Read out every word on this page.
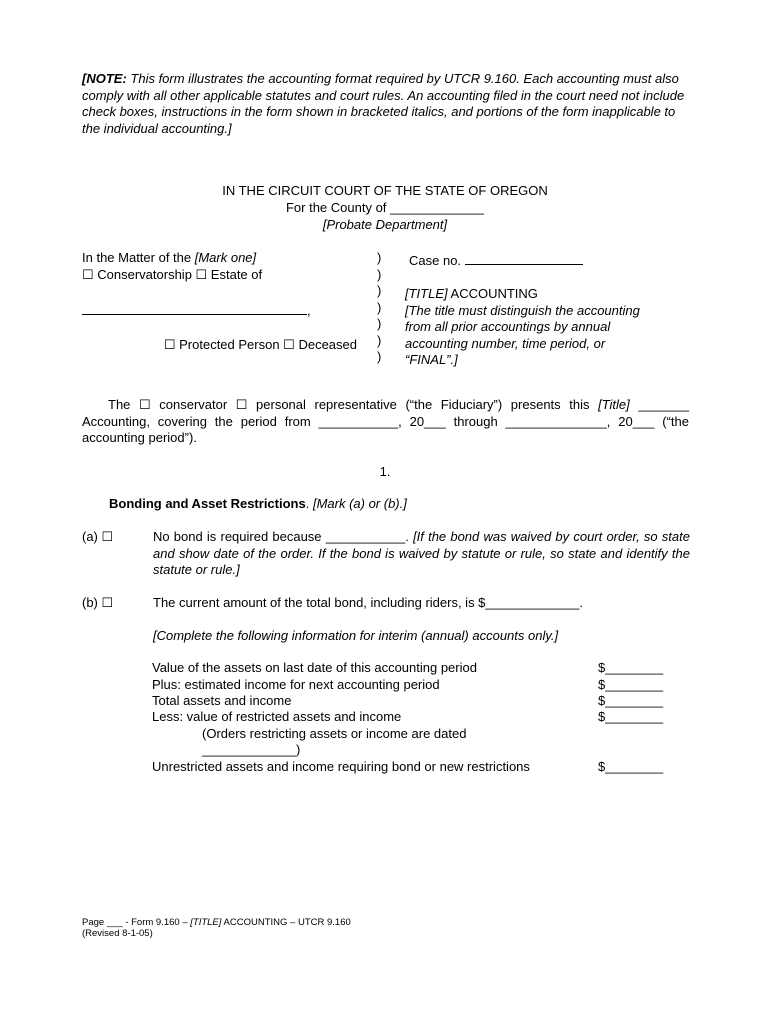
[NOTE: This form illustrates the accounting format required by UTCR 9.160. Each accounting must also comply with all other applicable statutes and court rules. An accounting filed in the court need not include check boxes, instructions in the form shown in bracketed italics, and portions of the form inapplicable to the individual accounting.]
IN THE CIRCUIT COURT OF THE STATE OF OREGON
For the County of _____________
[Probate Department]
In the Matter of the [Mark one]
☐ Conservatorship ☐ Estate of
,
☐ Protected Person ☐ Deceased
)
)
)
)
)
)
)
Case no.
[TITLE] ACCOUNTING
[The title must distinguish the accounting
from all prior accountings by annual
accounting number, time period, or
“FINAL”.]
The ☐ conservator ☐ personal representative (“the Fiduciary”) presents this [Title] _______ Accounting, covering the period from ___________, 20___ through ______________, 20___ (“the accounting period”).
1.
Bonding and Asset Restrictions. [Mark (a) or (b).]
(a) ☐	No bond is required because ___________. [If the bond was waived by court order, so state and show date of the order. If the bond is waived by statute or rule, so state and identify the statute or rule.]
(b) ☐	The current amount of the total bond, including riders, is $_____________.
[Complete the following information for interim (annual) accounts only.]
Value of the assets on last date of this accounting period	$________
Plus: estimated income for next accounting period	$________
Total assets and income	$________
Less: value of restricted assets and income	$________
(Orders restricting assets or income are dated
_____________)
Unrestricted assets and income requiring bond or new restrictions	$________
Page ___ - Form 9.160 – [TITLE] ACCOUNTING – UTCR 9.160
(Revised 8-1-05)
